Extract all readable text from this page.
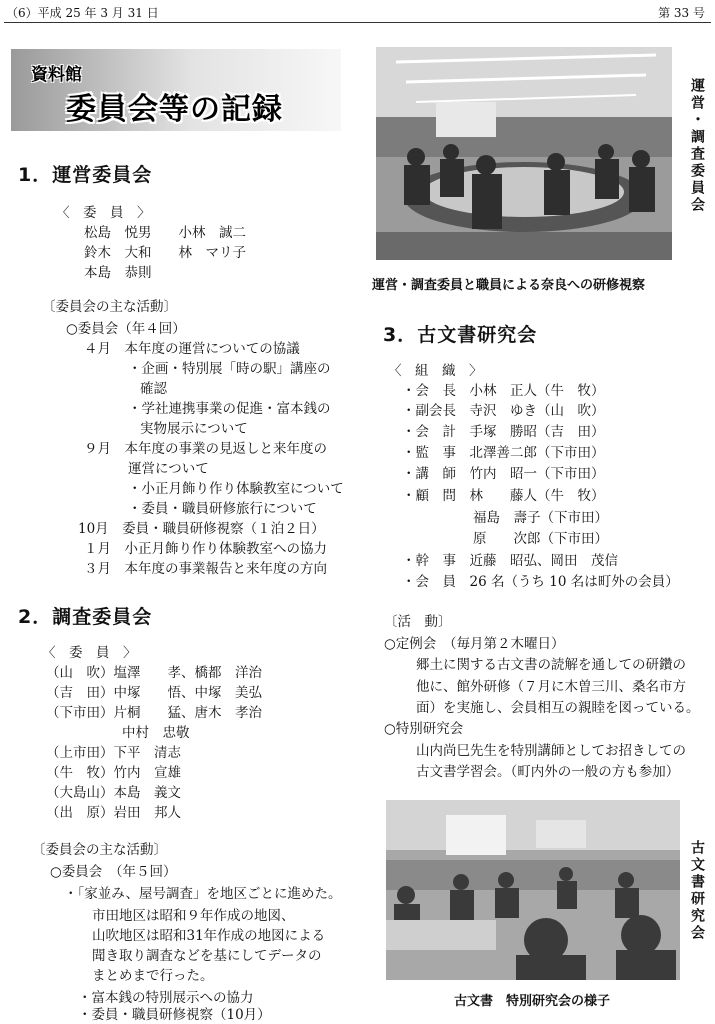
（6）平成 25 年 3 月 31 日	第 33 号
資料館
委員会等の記録
1．運営委員会
〈　委　員　〉
松島　悦男　　小林　誠二
鈴木　大和　　林　マリ子
本島　恭則
〔委員会の主な活動〕
○委員会（年４回）
４月　本年度の運営についての協議
・企画・特別展「時の駅」講座の
確認
・学社連携事業の促進・富本銭の
実物展示について
９月　本年度の事業の見返しと来年度の
運営について
・小正月飾り作り体験教室について
・委員・職員研修旅行について
10月　委員・職員研修視察（１泊２日）
１月　小正月飾り作り体験教室への協力
３月　本年度の事業報告と来年度の方向
2．調査委員会
〈　委　員　〉
（山　吹）塩澤　　孝、橋都　洋治
（吉　田）中塚　　悟、中塚　美弘
（下市田）片桐　　猛、唐木　孝治
中村　忠敬
（上市田）下平　清志
（牛　牧）竹内　宣雄
（大島山）本島　義文
（出　原）岩田　邦人
〔委員会の主な活動〕
○委員会　（年５回）
・「家並み、屋号調査」を地区ごとに進めた。
市田地区は昭和９年作成の地図、
山吹地区は昭和31年作成の地図による
聞き取り調査などを基にしてデータの
まとめまで行った。
・富本銭の特別展示への協力
・委員・職員研修視察（10月）
運営・調査委員会
運営・調査委員と職員による奈良への研修視察
3．古文書研究会
〈　組　織　〉
・会　長　小林　正人（牛　牧）
・副会長　寺沢　ゆき（山　吹）
・会　計　手塚　勝昭（吉　田）
・監　事　北澤善二郎（下市田）
・講　師　竹内　昭一（下市田）
・顧　問　林　　藤人（牛　牧）
福島　壽子（下市田）
原　　次郎（下市田）
・幹　事　近藤　昭弘、岡田　茂信
・会　員　26 名（うち 10 名は町外の会員）
〔活　動〕
○定例会　（毎月第２木曜日）
郷土に関する古文書の読解を通しての研鑽の
他に、館外研修（７月に木曽三川、桑名市方
面）を実施し、会員相互の親睦を図っている。
○特別研究会
山内尚巳先生を特別講師としてお招きしての
古文書学習会。（町内外の一般の方も参加）
古文書研究会
古文書　特別研究会の様子
